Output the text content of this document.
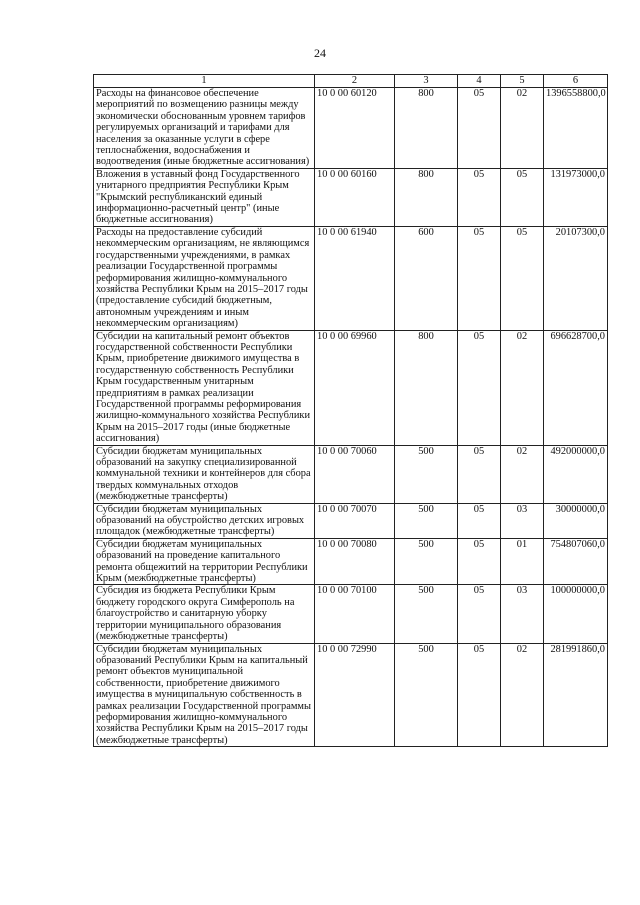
24
1	2	3	4	5	6
Расходы на финансовое обеспечение мероприятий по возмещению разницы между экономически обоснованным уровнем тарифов регулируемых организаций и тарифами для населения за оказанные услуги в сфере теплоснабжения, водоснабжения и водоотведения (иные бюджетные ассигнования)	10 0 00 60120	800	05	02	1396558800,0
Вложения в уставный фонд Государственного унитарного предприятия Республики Крым "Крымский республиканский единый информационно-расчетный центр" (иные бюджетные ассигнования)	10 0 00 60160	800	05	05	131973000,0
Расходы на предоставление субсидий некоммерческим организациям, не являющимся государственными учреждениями, в рамках реализации Государственной программы реформирования жилищно-коммунального хозяйства Республики Крым на 2015–2017 годы (предоставление субсидий бюджетным, автономным учреждениям и иным некоммерческим организациям)	10 0 00 61940	600	05	05	20107300,0
Субсидии на капитальный ремонт объектов государственной собственности Республики Крым, приобретение движимого имущества в государственную собственность Республики Крым государственным унитарным предприятиям в рамках реализации Государственной программы реформирования жилищно-коммунального хозяйства Республики Крым на 2015–2017 годы (иные бюджетные ассигнования)	10 0 00 69960	800	05	02	696628700,0
Субсидии бюджетам муниципальных образований на закупку специализированной коммунальной техники и контейнеров для сбора твердых коммунальных отходов (межбюджетные трансферты)	10 0 00 70060	500	05	02	492000000,0
Субсидии бюджетам муниципальных образований на обустройство детских игровых площадок (межбюджетные трансферты)	10 0 00 70070	500	05	03	30000000,0
Субсидии бюджетам муниципальных образований на проведение капитального ремонта общежитий на территории Республики Крым (межбюджетные трансферты)	10 0 00 70080	500	05	01	754807060,0
Субсидия из бюджета Республики Крым бюджету городского округа Симферополь на благоустройство и санитарную уборку территории муниципального образования (межбюджетные трансферты)	10 0 00 70100	500	05	03	100000000,0
Субсидии бюджетам муниципальных образований Республики Крым на капитальный ремонт объектов муниципальной собственности, приобретение движимого имущества в муниципальную собственность в рамках реализации Государственной программы реформирования жилищно-коммунального хозяйства Республики Крым на 2015–2017 годы (межбюджетные трансферты)	10 0 00 72990	500	05	02	281991860,0
